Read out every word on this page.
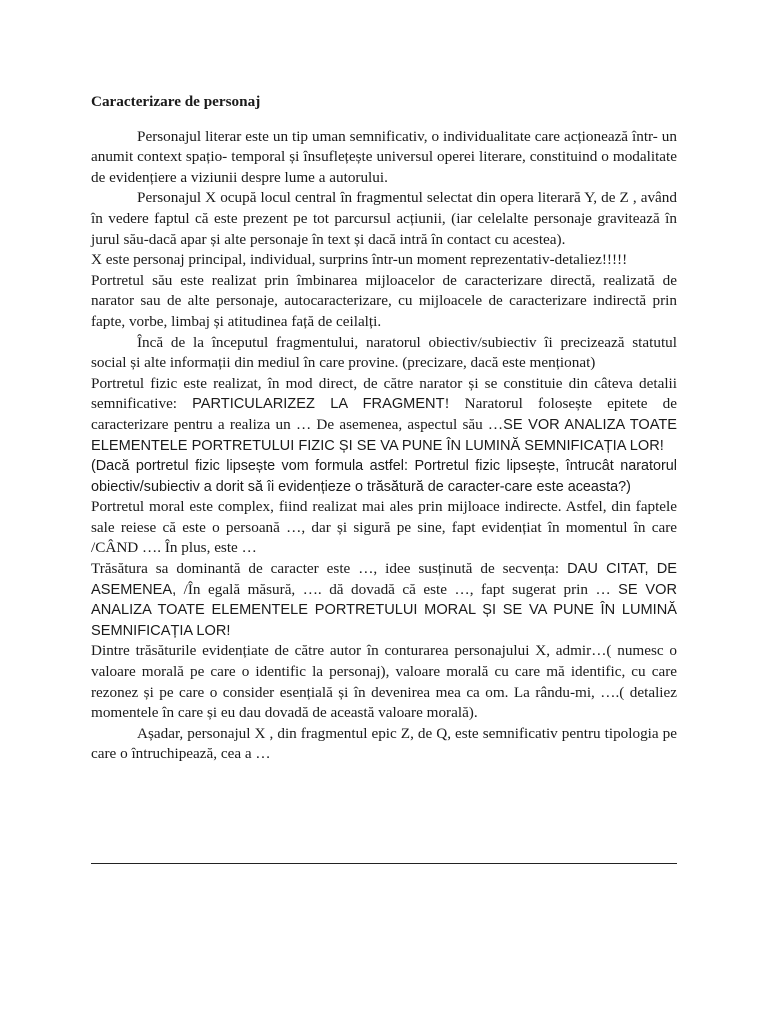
Caracterizare de personaj

Personajul literar este un tip uman semnificativ, o individualitate care acționează într- un anumit context spațio- temporal și însuflețește universul operei literare, constituind o modalitate de evidențiere a viziunii despre lume a autorului.

Personajul X ocupă locul central în fragmentul selectat din opera literară Y, de Z , având în vedere faptul că este prezent pe tot parcursul acțiunii, (iar celelalte personaje gravitează în jurul său-dacă apar și alte personaje în text și dacă intră în contact cu acestea).

X este personaj principal, individual, surprins într-un moment reprezentativ-detaliez!!!!!

Portretul său este realizat prin îmbinarea mijloacelor de caracterizare directă, realizată de narator sau de alte personaje, autocaracterizare, cu mijloacele de caracterizare indirectă prin fapte, vorbe, limbaj și atitudinea față de ceilalți.

Încă de la începutul fragmentului, naratorul obiectiv/subiectiv îi precizează statutul social și alte informații din mediul în care provine. (precizare, dacă este menționat)

Portretul fizic este realizat, în mod direct, de către narator și se constituie din câteva detalii semnificative: PARTICULARIZEZ LA FRAGMENT! Naratorul folosește epitete de caracterizare pentru a realiza un … De asemenea, aspectul său …SE VOR ANALIZA TOATE ELEMENTELE PORTRETULUI FIZIC ȘI SE VA PUNE ÎN LUMINĂ SEMNIFICAȚIA LOR!

(Dacă portretul fizic lipsește vom formula astfel: Portretul fizic lipsește, întrucât naratorul obiectiv/subiectiv a dorit să îi evidențieze o trăsătură de caracter-care este aceasta?)

Portretul moral este complex, fiind realizat mai ales prin mijloace indirecte. Astfel, din faptele sale reiese că este o persoană …, dar și sigură pe sine, fapt evidențiat în momentul în care /CÂND …. În plus, este …

Trăsătura sa dominantă de caracter este …, idee susținută de secvența: DAU CITAT, DE ASEMENEA, /În egală măsură, …. dă dovadă că este …, fapt sugerat prin … SE VOR ANALIZA TOATE ELEMENTELE PORTRETULUI MORAL ȘI SE VA PUNE ÎN LUMINĂ SEMNIFICAȚIA LOR!

Dintre trăsăturile evidențiate de către autor în conturarea personajului X, admir…( numesc o valoare morală pe care o identific la personaj), valoare morală cu care mă identific, cu care rezonez și pe care o consider esențială și în devenirea mea ca om. La rându-mi, ….( detaliez momentele în care și eu dau dovadă de această valoare morală).

Așadar, personajul X , din fragmentul epic Z, de Q, este semnificativ pentru tipologia pe care o întruchipează, cea a …
